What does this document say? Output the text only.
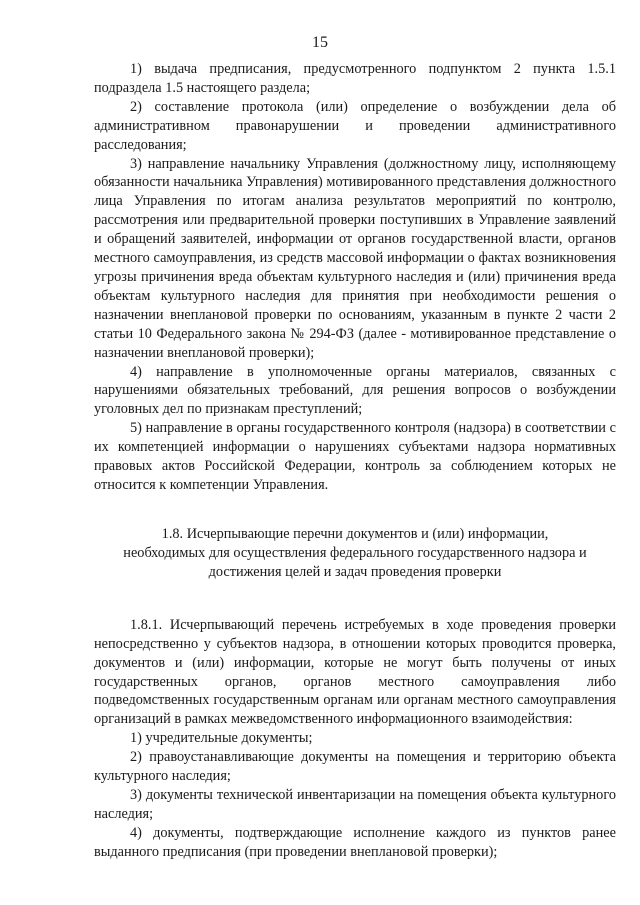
15

1) выдача предписания, предусмотренного подпунктом 2 пункта 1.5.1 подраздела 1.5 настоящего раздела;

2) составление протокола (или) определение о возбуждении дела об административном правонарушении и проведении административного расследования;

3) направление начальнику Управления (должностному лицу, исполняющему обязанности начальника Управления) мотивированного представления должностного лица Управления по итогам анализа результатов мероприятий по контролю, рассмотрения или предварительной проверки поступивших в Управление заявлений и обращений заявителей, информации от органов государственной власти, органов местного самоуправления, из средств массовой информации о фактах возникновения угрозы причинения вреда объектам культурного наследия и (или) причинения вреда объектам культурного наследия для принятия при необходимости решения о назначении внеплановой проверки по основаниям, указанным в пункте 2 части 2 статьи 10 Федерального закона № 294-ФЗ (далее - мотивированное представление о назначении внеплановой проверки);

4) направление в уполномоченные органы материалов, связанных с нарушениями обязательных требований, для решения вопросов о возбуждении уголовных дел по признакам преступлений;

5) направление в органы государственного контроля (надзора) в соответствии с их компетенцией информации о нарушениях субъектами надзора нормативных правовых актов Российской Федерации, контроль за соблюдением которых не относится к компетенции Управления.

1.8. Исчерпывающие перечни документов и (или) информации, необходимых для осуществления федерального государственного надзора и достижения целей и задач проведения проверки

1.8.1. Исчерпывающий перечень истребуемых в ходе проведения проверки непосредственно у субъектов надзора, в отношении которых проводится проверка, документов и (или) информации, которые не могут быть получены от иных государственных органов, органов местного самоуправления либо подведомственных государственным органам или органам местного самоуправления организаций в рамках межведомственного информационного взаимодействия:

1) учредительные документы;

2) правоустанавливающие документы на помещения и территорию объекта культурного наследия;

3) документы технической инвентаризации на помещения объекта культурного наследия;

4) документы, подтверждающие исполнение каждого из пунктов ранее выданного предписания (при проведении внеплановой проверки);
